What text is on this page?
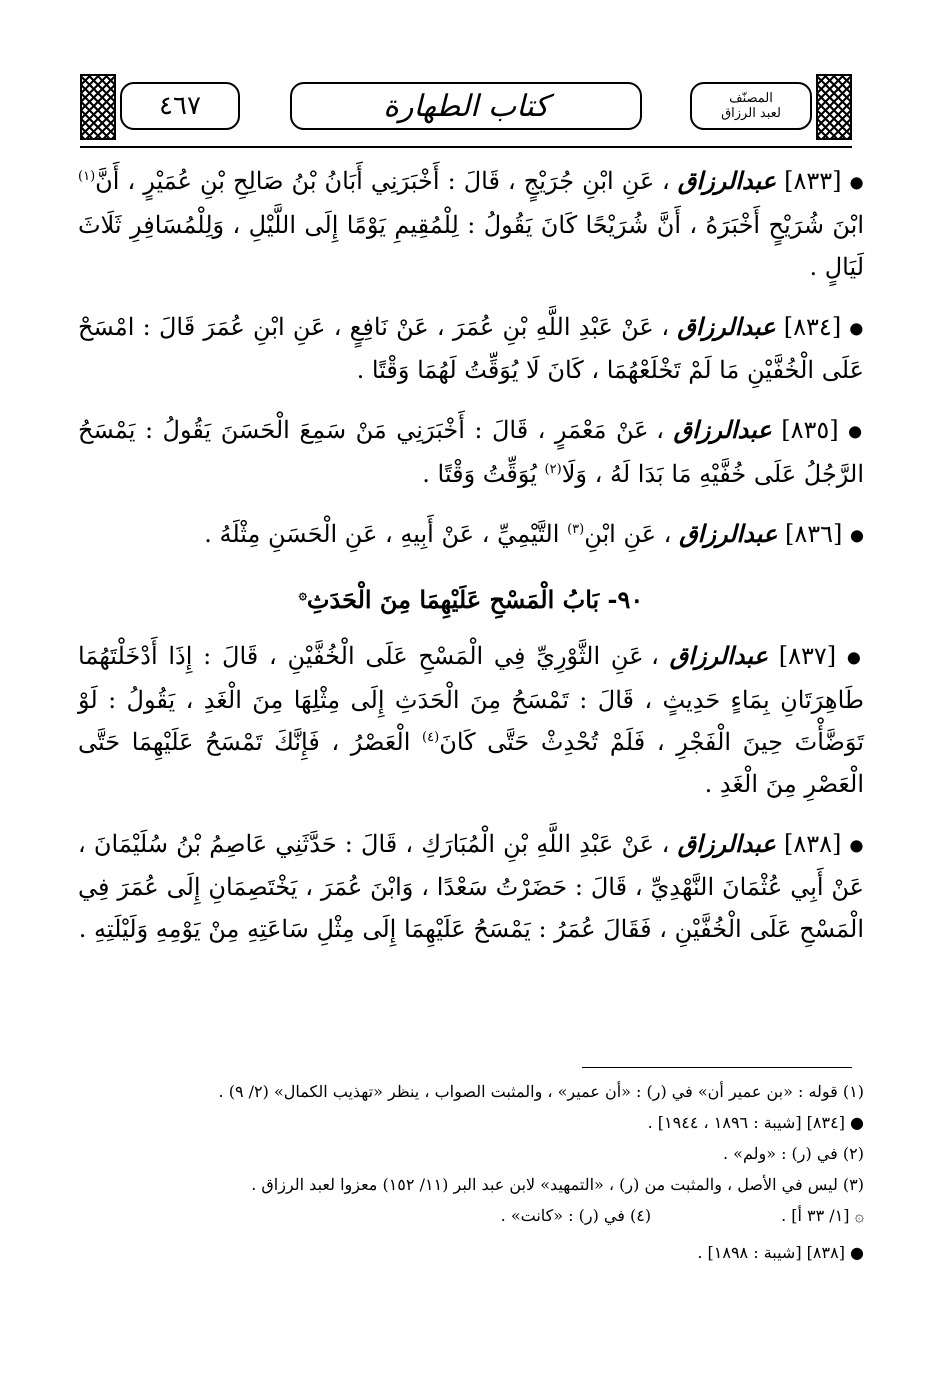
٤٦٧	كتاب الطهارة	المصنّف
لعبد الرزاق

● [٨٣٣] عبدالرزاق ، عَنِ ابْنِ جُرَيْجٍ ، قَالَ : أَخْبَرَنِي أَبَانُ بْنُ صَالِحِ بْنِ عُمَيْرٍ ، أَنَّ$^{(١)}$ ابْنَ شُرَيْحٍ أَخْبَرَهُ ، أَنَّ شُرَيْحًا كَانَ يَقُولُ : لِلْمُقِيمِ يَوْمًا إِلَى اللَّيْلِ ، وَلِلْمُسَافِرِ ثَلَاثَ لَيَالٍ .

● [٨٣٤] عبدالرزاق ، عَنْ عَبْدِ اللَّهِ بْنِ عُمَرَ ، عَنْ نَافِعٍ ، عَنِ ابْنِ عُمَرَ قَالَ : امْسَحْ عَلَى الْخُفَّيْنِ مَا لَمْ تَخْلَعْهُمَا ، كَانَ لَا يُوَقِّتُ لَهُمَا وَقْتًا .

● [٨٣٥] عبدالرزاق ، عَنْ مَعْمَرٍ ، قَالَ : أَخْبَرَنِي مَنْ سَمِعَ الْحَسَنَ يَقُولُ : يَمْسَحُ الرَّجُلُ عَلَى خُفَّيْهِ مَا بَدَا لَهُ ، وَلَا$^{(٢)}$ يُوَقِّتُ وَقْتًا .

● [٨٣٦] عبدالرزاق ، عَنِ ابْنِ$^{(٣)}$ التَّيْمِيِّ ، عَنْ أَبِيهِ ، عَنِ الْحَسَنِ مِثْلَهُ .

٩٠- بَابُ الْمَسْحِ عَلَيْهِمَا مِنَ الْحَدَثِ۞

● [٨٣٧] عبدالرزاق ، عَنِ الثَّوْرِيِّ فِي الْمَسْحِ عَلَى الْخُفَّيْنِ ، قَالَ : إِذَا أَدْخَلْتَهُمَا طَاهِرَتَانِ بِمَاءٍ حَدِيثٍ ، قَالَ : تَمْسَحُ مِنَ الْحَدَثِ إِلَى مِثْلِهَا مِنَ الْغَدِ ، يَقُولُ : لَوْ تَوَضَّأْتَ حِينَ الْفَجْرِ ، فَلَمْ تُحْدِثْ حَتَّى كَانَ$^{(٤)}$ الْعَصْرُ ، فَإِنَّكَ تَمْسَحُ عَلَيْهِمَا حَتَّى الْعَصْرِ مِنَ الْغَدِ .

● [٨٣٨] عبدالرزاق ، عَنْ عَبْدِ اللَّهِ بْنِ الْمُبَارَكِ ، قَالَ : حَدَّثَنِي عَاصِمُ بْنُ سُلَيْمَانَ ، عَنْ أَبِي عُثْمَانَ النَّهْدِيِّ ، قَالَ : حَضَرْتُ سَعْدًا ، وَابْنَ عُمَرَ ، يَخْتَصِمَانِ إِلَى عُمَرَ فِي الْمَسْحِ عَلَى الْخُفَّيْنِ ، فَقَالَ عُمَرُ : يَمْسَحُ عَلَيْهِمَا إِلَى مِثْلِ سَاعَتِهِ مِنْ يَوْمِهِ وَلَيْلَتِهِ .

(١) قوله : «بن عمير أن» في (ر) : «أن عمير» ، والمثبت الصواب ، ينظر «تهذيب الكمال» (٢/ ٩) .

● [٨٣٤] [شيبة : ١٨٩٦ ، ١٩٤٤] .

(٢) في (ر) : «ولم» .

(٣) ليس في الأصل ، والمثبت من (ر) ، «التمهيد» لابن عبد البر (١١/ ١٥٢) معزوا لعبد الرزاق .

۞ [١/ ٣٣ أ] .
(٤) في (ر) : «كانت» .

● [٨٣٨] [شيبة : ١٨٩٨] .
